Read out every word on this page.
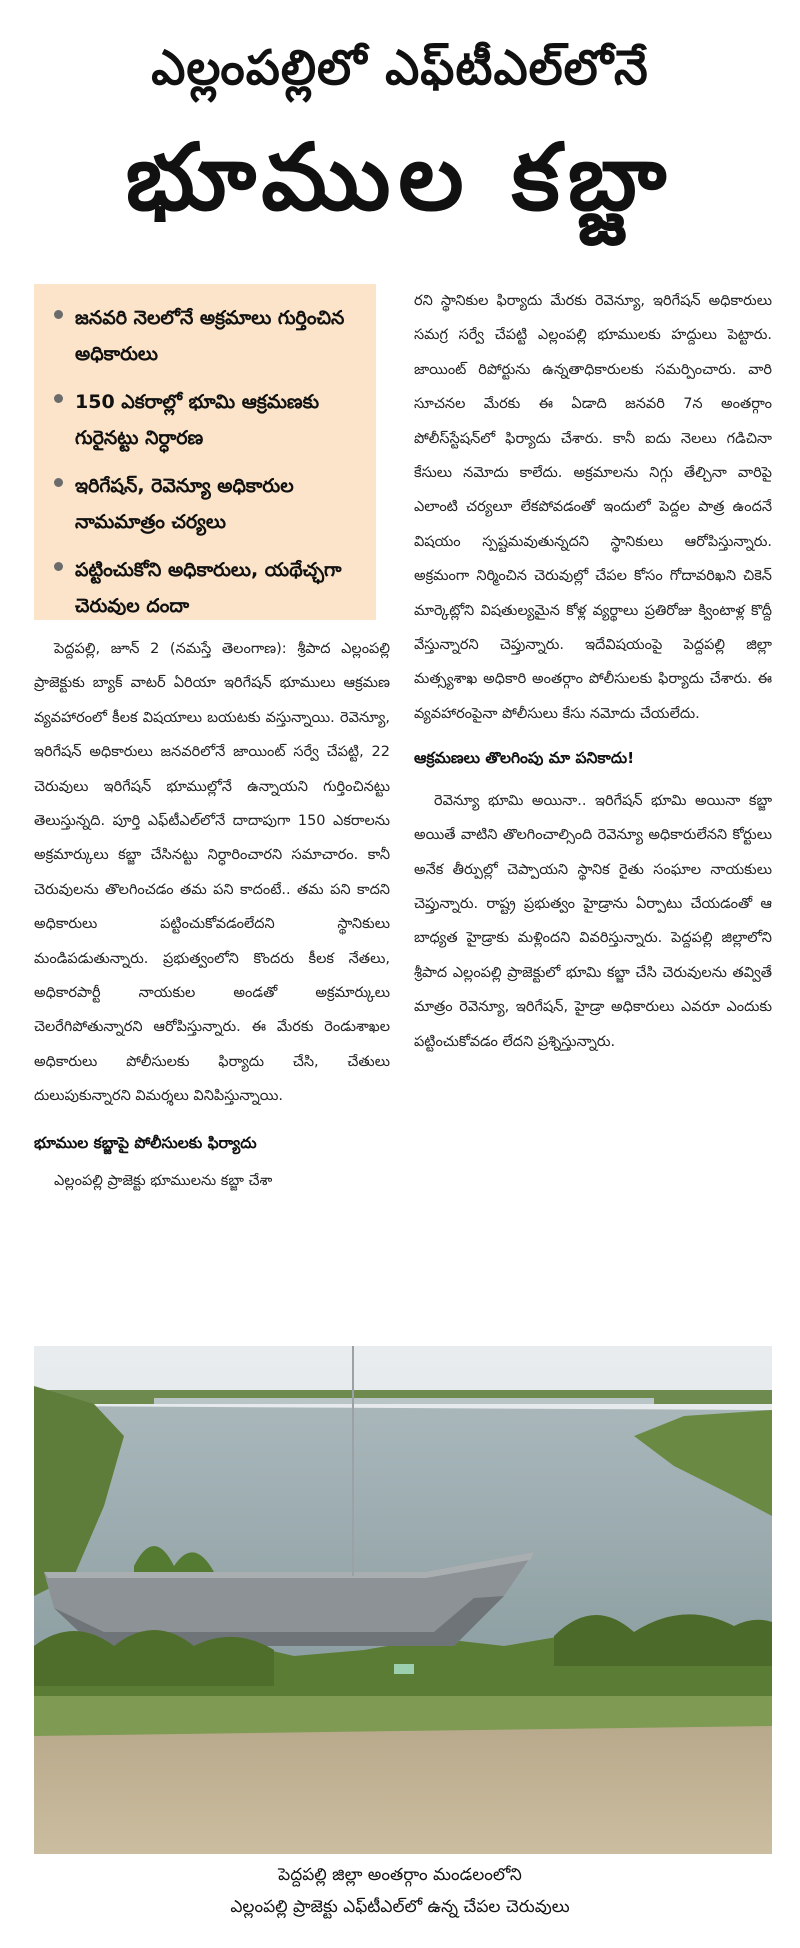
ఎల్లంపల్లిలో ఎఫ్‌టీఎల్‌లోనే
భూముల కబ్జా
జనవరి నెలలోనే అక్రమాలు గుర్తించిన అధికారులు
150 ఎకరాల్లో భూమి ఆక్రమణకు గురైనట్టు నిర్ధారణ
ఇరిగేషన్‌, రెవెన్యూ అధికారుల నామమాత్రం చర్యలు
పట్టించుకోని అధికారులు, యథేచ్ఛగా చెరువుల దందా

పెద్దపల్లి, జూన్‌ 2 (నమస్తే తెలంగాణ): శ్రీపాద ఎల్లంపల్లి ప్రాజెక్టుకు బ్యాక్‌ వాటర్‌ ఏరియా ఇరిగేషన్‌ భూములు ఆక్రమణ వ్యవహారంలో కీలక విషయాలు బయటకు వస్తున్నాయి. రెవెన్యూ, ఇరిగేషన్‌ అధికారులు జనవరిలోనే జాయింట్‌ సర్వే చేపట్టి, 22 చెరువులు ఇరిగేషన్‌ భూముల్లోనే ఉన్నాయని గుర్తించినట్టు తెలుస్తున్నది. పూర్తి ఎఫ్‌టీఎల్‌లోనే దాదాపుగా 150 ఎకరాలను అక్రమార్కులు కబ్జా చేసినట్టు నిర్ధారించారని సమాచారం. కానీ చెరువులను తొలగించడం తమ పని కాదంటే.. తమ పని కాదని అధికారులు పట్టించుకోవడంలేదని స్థానికులు మండిపడుతున్నారు. ప్రభుత్వంలోని కొందరు కీలక నేతలు, అధికారపార్టీ నాయకుల అండతో అక్రమార్కులు చెలరేగిపోతున్నారని ఆరోపిస్తున్నారు. ఈ మేరకు రెండుశాఖల అధికారులు పోలీసులకు ఫిర్యాదు చేసి, చేతులు దులుపుకున్నారని విమర్శలు వినిపిస్తున్నాయి.

భూముల కబ్జాపై పోలీసులకు ఫిర్యాదు

ఎల్లంపల్లి ప్రాజెక్టు భూములను కబ్జా చేశా

రని స్థానికుల ఫిర్యాదు మేరకు రెవెన్యూ, ఇరిగేషన్‌ అధికారులు సమగ్ర సర్వే చేపట్టి ఎల్లంపల్లి భూములకు హద్దులు పెట్టారు. జాయింట్‌ రిపోర్టును ఉన్నతాధికారులకు సమర్పించారు. వారి సూచనల మేరకు ఈ ఏడాది జనవరి 7న అంతర్గాం పోలీస్‌స్టేషన్‌లో ఫిర్యాదు చేశారు. కానీ ఐదు నెలలు గడిచినా కేసులు నమోదు కాలేదు. అక్రమాలను నిగ్గు తేల్చినా వారిపై ఎలాంటి చర్యలూ లేకపోవడంతో ఇందులో పెద్దల పాత్ర ఉందనే విషయం స్పష్టమవుతున్నదని స్థానికులు ఆరోపిస్తున్నారు. అక్రమంగా నిర్మించిన చెరువుల్లో చేపల కోసం గోదావరిఖని చికెన్‌ మార్కెట్లోని విషతుల్యమైన కోళ్ల వ్యర్థాలు ప్రతిరోజు క్వింటాళ్ల కొద్దీ వేస్తున్నారని చెప్తున్నారు. ఇదేవిషయంపై పెద్దపల్లి జిల్లా మత్స్యశాఖ అధికారి అంతర్గాం పోలీసులకు ఫిర్యాదు చేశారు. ఈ వ్యవహారంపైనా పోలీసులు కేసు నమోదు చేయలేదు.

ఆక్రమణలు తొలగింపు మా పనికాదు!

రెవెన్యూ భూమి అయినా.. ఇరిగేషన్‌ భూమి అయినా కబ్జా అయితే వాటిని తొలగించాల్సింది రెవెన్యూ అధికారులేనని కోర్టులు అనేక తీర్పుల్లో చెప్పాయని స్థానిక రైతు సంఘాల నాయకులు చెప్తున్నారు. రాష్ట్ర ప్రభుత్వం హైడ్రాను ఏర్పాటు చేయడంతో ఆ బాధ్యత హైడ్రాకు మళ్లిందని వివరిస్తున్నారు. పెద్దపల్లి జిల్లాలోని శ్రీపాద ఎల్లంపల్లి ప్రాజెక్టులో భూమి కబ్జా చేసి చెరువులను తవ్వితే మాత్రం రెవెన్యూ, ఇరిగేషన్‌, హైడ్రా అధికారులు ఎవరూ ఎందుకు పట్టించుకోవడం లేదని ప్రశ్నిస్తున్నారు.

పెద్దపల్లి జిల్లా అంతర్గాం మండలంలోని
ఎల్లంపల్లి ప్రాజెక్టు ఎఫ్‌టీఎల్‌లో ఉన్న చేపల చెరువులు
